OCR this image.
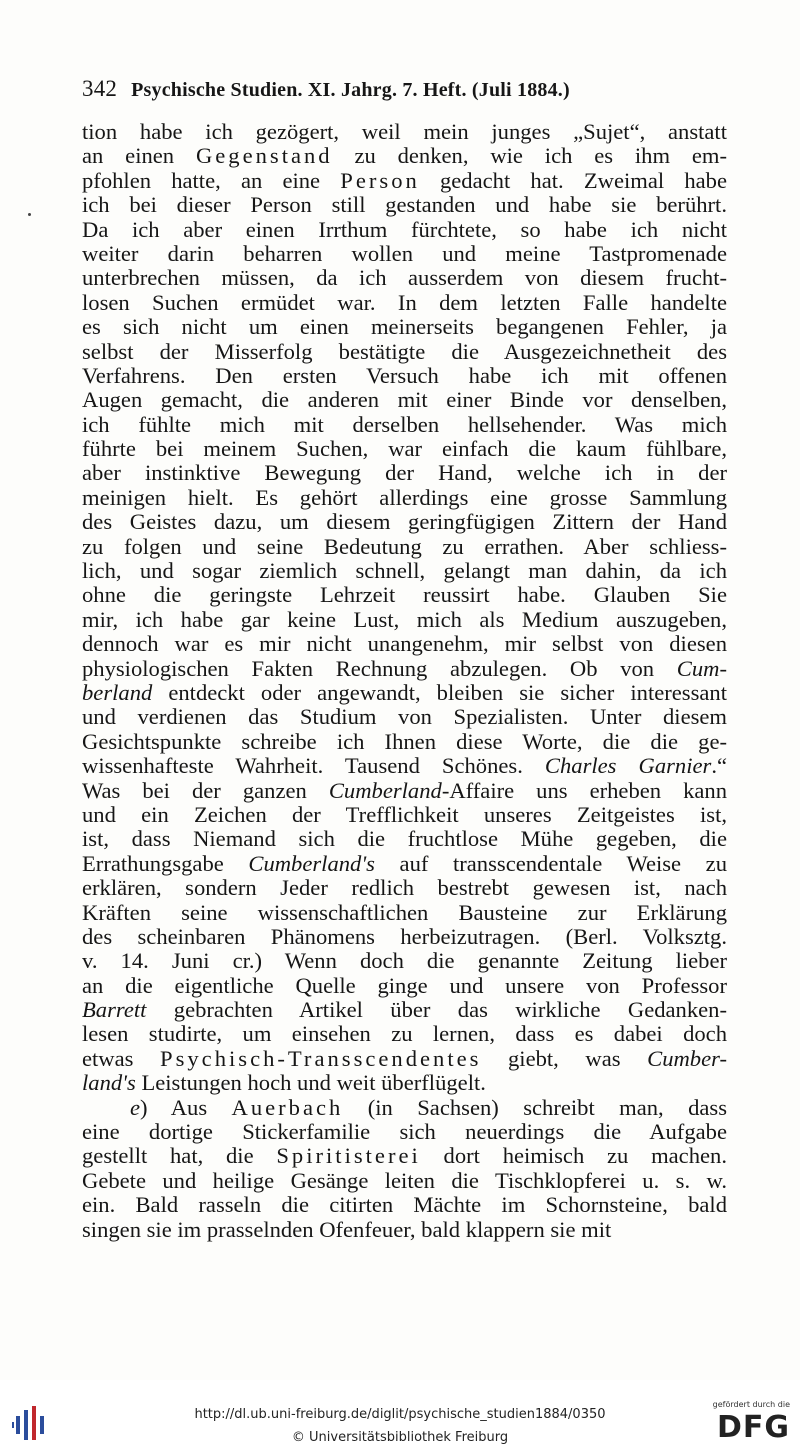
342 Psychische Studien. XI. Jahrg. 7. Heft. (Juli 1884.)
tion habe ich gezögert, weil mein junges „Sujet“, anstatt
an einen Gegenstand zu denken, wie ich es ihm em-
pfohlen hatte, an eine Person gedacht hat. Zweimal habe
ich bei dieser Person still gestanden und habe sie berührt.
Da ich aber einen Irrthum fürchtete, so habe ich nicht
weiter darin beharren wollen und meine Tastpromenade
unterbrechen müssen, da ich ausserdem von diesem frucht-
losen Suchen ermüdet war. In dem letzten Falle handelte
es sich nicht um einen meinerseits begangenen Fehler, ja
selbst der Misserfolg bestätigte die Ausgezeichnetheit des
Verfahrens. Den ersten Versuch habe ich mit offenen
Augen gemacht, die anderen mit einer Binde vor denselben,
ich fühlte mich mit derselben hellsehender. Was mich
führte bei meinem Suchen, war einfach die kaum fühlbare,
aber instinktive Bewegung der Hand, welche ich in der
meinigen hielt. Es gehört allerdings eine grosse Sammlung
des Geistes dazu, um diesem geringfügigen Zittern der Hand
zu folgen und seine Bedeutung zu errathen. Aber schliess-
lich, und sogar ziemlich schnell, gelangt man dahin, da ich
ohne die geringste Lehrzeit reussirt habe. Glauben Sie
mir, ich habe gar keine Lust, mich als Medium auszugeben,
dennoch war es mir nicht unangenehm, mir selbst von diesen
physiologischen Fakten Rechnung abzulegen. Ob von Cum-
berland entdeckt oder angewandt, bleiben sie sicher interessant
und verdienen das Studium von Spezialisten. Unter diesem
Gesichtspunkte schreibe ich Ihnen diese Worte, die die ge-
wissenhafteste Wahrheit. Tausend Schönes. Charles Garnier.“
Was bei der ganzen Cumberland-Affaire uns erheben kann
und ein Zeichen der Trefflichkeit unseres Zeitgeistes ist,
ist, dass Niemand sich die fruchtlose Mühe gegeben, die
Errathungsgabe Cumberland's auf transscendentale Weise zu
erklären, sondern Jeder redlich bestrebt gewesen ist, nach
Kräften seine wissenschaftlichen Bausteine zur Erklärung
des scheinbaren Phänomens herbeizutragen. (Berl. Volksztg.
v. 14. Juni cr.) Wenn doch die genannte Zeitung lieber
an die eigentliche Quelle ginge und unsere von Professor
Barrett gebrachten Artikel über das wirkliche Gedanken-
lesen studirte, um einsehen zu lernen, dass es dabei doch
etwas Psychisch-Transscendentes giebt, was Cumber-
land's Leistungen hoch und weit überflügelt.
e) Aus Auerbach (in Sachsen) schreibt man, dass
eine dortige Stickerfamilie sich neuerdings die Aufgabe
gestellt hat, die Spiritisterei dort heimisch zu machen.
Gebete und heilige Gesänge leiten die Tischklopferei u. s. w.
ein. Bald rasseln die citirten Mächte im Schornsteine, bald
singen sie im prasselnden Ofenfeuer, bald klappern sie mit
http://dl.ub.uni-freiburg.de/diglit/psychische_studien1884/0350
© Universitätsbibliothek Freiburg
gefördert durch die
DFG
